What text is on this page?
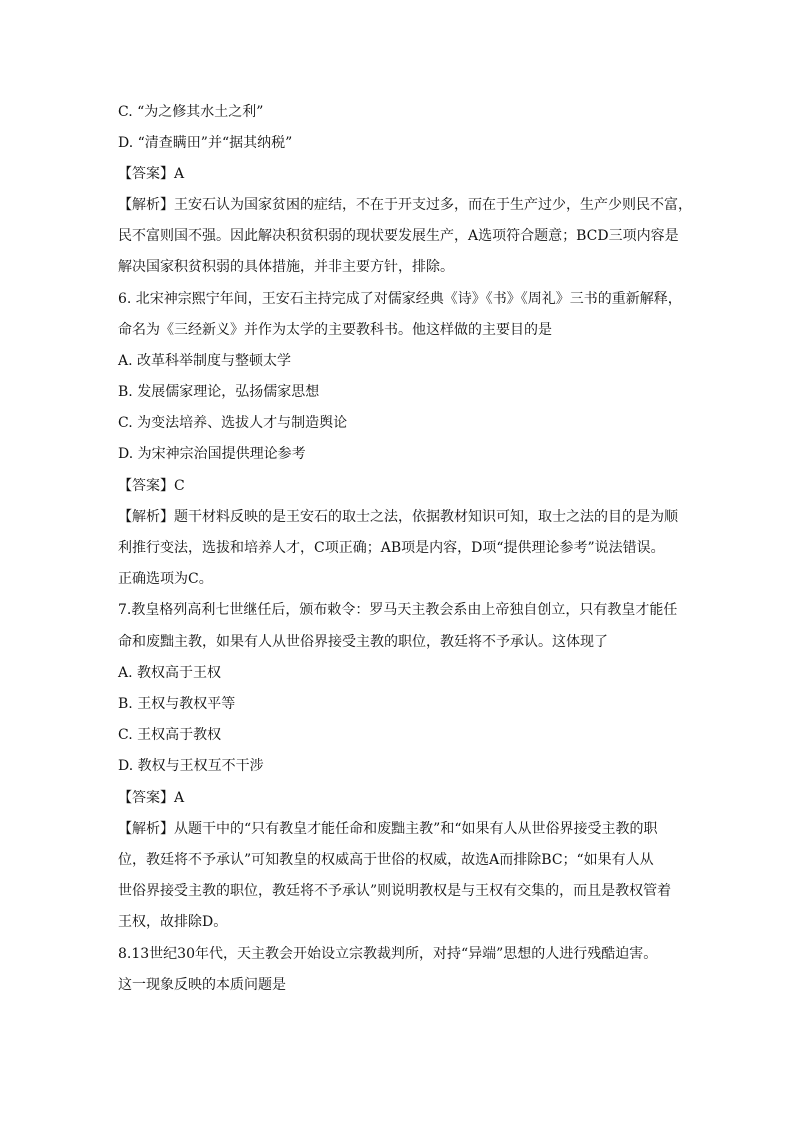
C. “为之修其水土之利”
D. “清查瞒田”并“据其纳税”
【答案】A
【解析】王安石认为国家贫困的症结，不在于开支过多，而在于生产过少，生产少则民不富，
民不富则国不强。因此解决积贫积弱的现状要发展生产，A选项符合题意；BCD三项内容是
解决国家积贫积弱的具体措施，并非主要方针，排除。
6. 北宋神宗熙宁年间，王安石主持完成了对儒家经典《诗》《书》《周礼》三书的重新解释，
命名为《三经新义》并作为太学的主要教科书。他这样做的主要目的是
A. 改革科举制度与整顿太学
B. 发展儒家理论，弘扬儒家思想
C. 为变法培养、选拔人才与制造舆论
D. 为宋神宗治国提供理论参考
【答案】C
【解析】题干材料反映的是王安石的取士之法，依据教材知识可知，取士之法的目的是为顺
利推行变法，选拔和培养人才，C项正确；AB项是内容，D项“提供理论参考”说法错误。
正确选项为C。
7.教皇格列高利七世继任后，颁布敕令：罗马天主教会系由上帝独自创立，只有教皇才能任
命和废黜主教，如果有人从世俗界接受主教的职位，教廷将不予承认。这体现了
A. 教权高于王权
B. 王权与教权平等
C. 王权高于教权
D. 教权与王权互不干涉
【答案】A
【解析】从题干中的“只有教皇才能任命和废黜主教”和“如果有人从世俗界接受主教的职
位，教廷将不予承认”可知教皇的权威高于世俗的权威，故选A而排除BC；“如果有人从
世俗界接受主教的职位，教廷将不予承认”则说明教权是与王权有交集的，而且是教权管着
王权，故排除D。
8.13世纪30年代，天主教会开始设立宗教裁判所，对持“异端”思想的人进行残酷迫害。
这一现象反映的本质问题是
